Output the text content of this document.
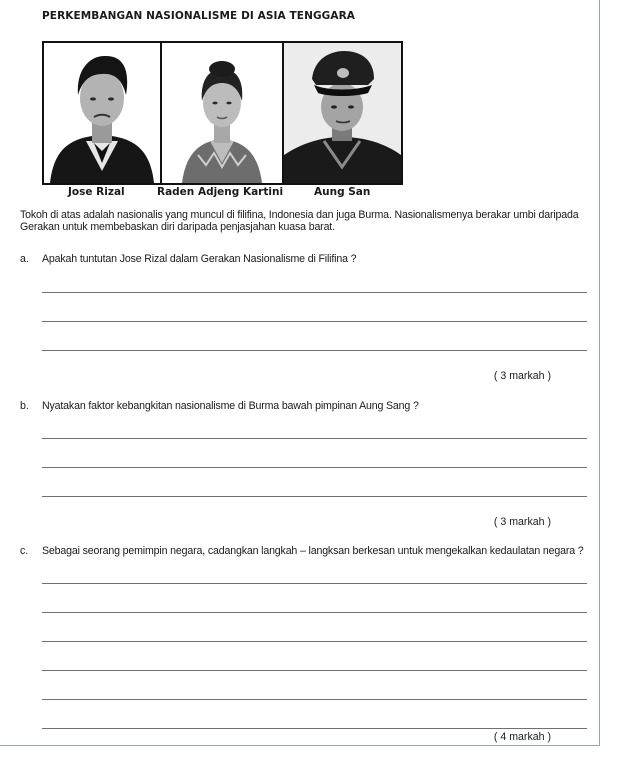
PERKEMBANGAN NASIONALISME DI ASIA TENGGARA
Jose Rizal	Raden Adjeng Kartini	Aung San
Tokoh di atas adalah nasionalis yang muncul di filifina, Indonesia dan juga Burma. Nasionalismenya berakar umbi daripada Gerakan untuk membebaskan diri daripada penjasjahan kuasa barat.
a. Apakah tuntutan Jose Rizal dalam Gerakan Nasionalisme di Filifina ?
( 3 markah )
b. Nyatakan faktor kebangkitan nasionalisme di Burma bawah pimpinan Aung Sang ?
( 3 markah )
c. Sebagai seorang pemimpin negara, cadangkan langkah – langksan berkesan untuk mengekalkan kedaulatan negara ?
( 4 markah )
